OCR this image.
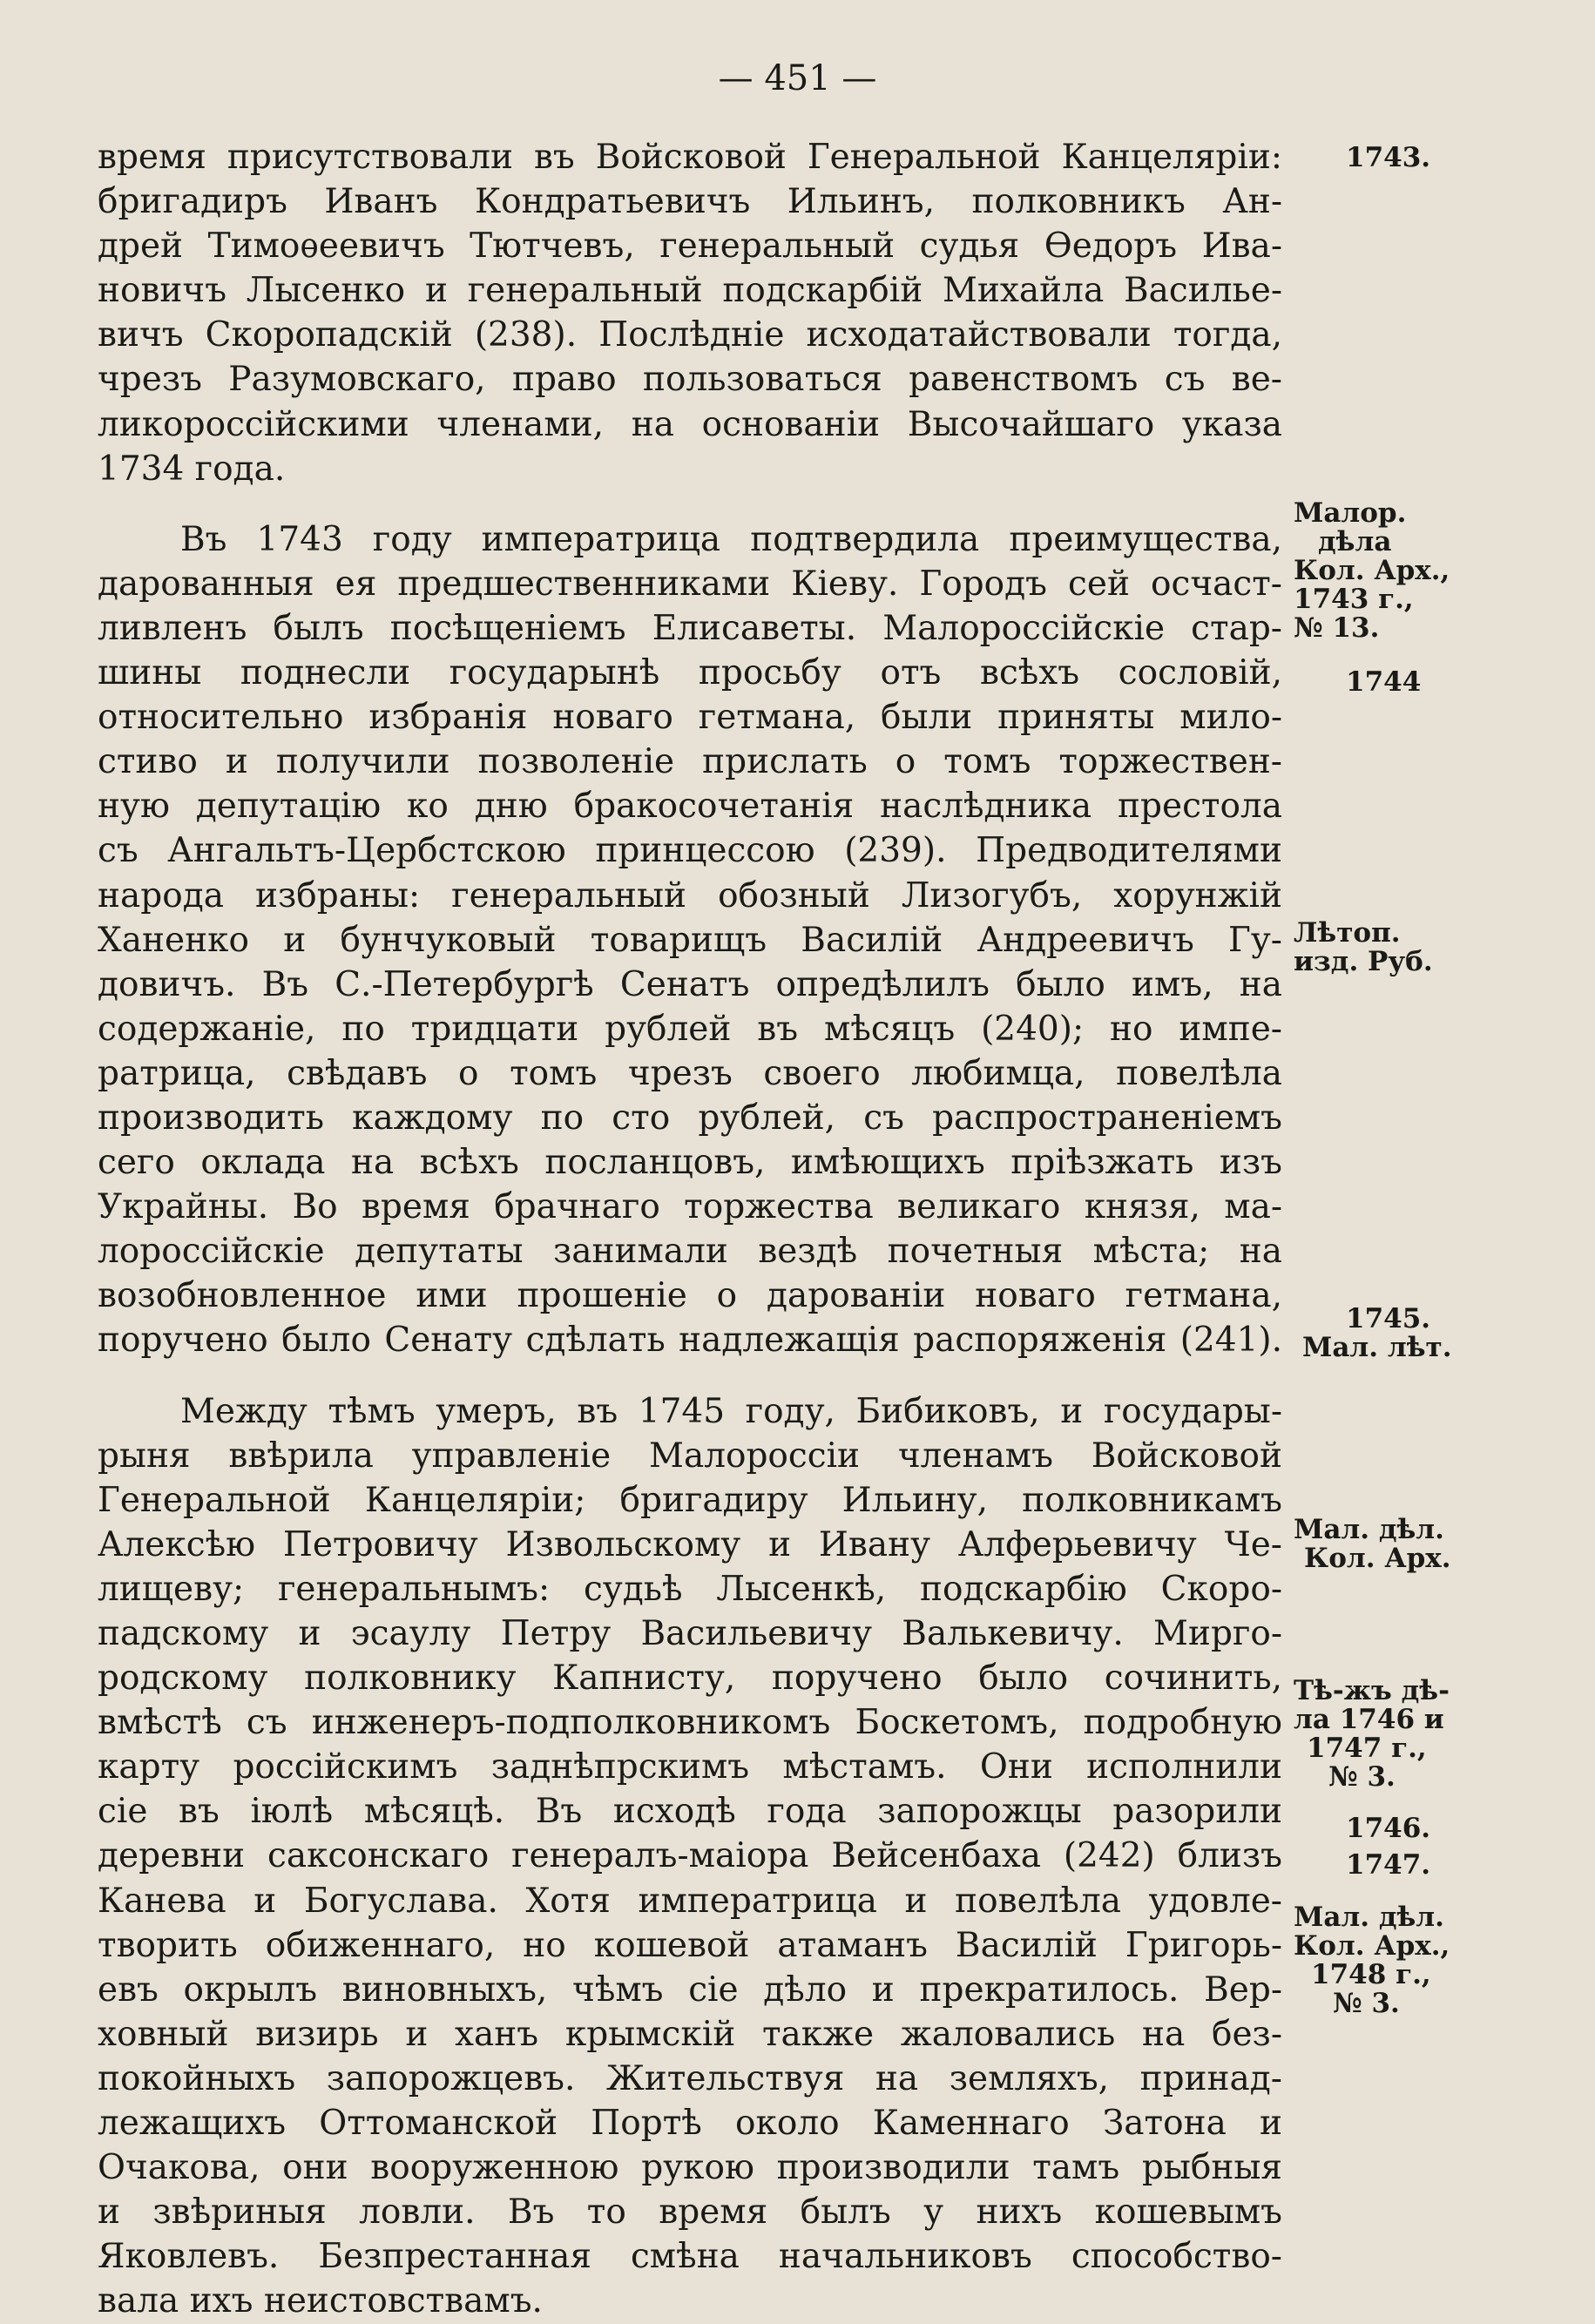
— 451 —

время присутствовали въ Войсковой Генеральной Канцеляріи:
бригадиръ Иванъ Кондратьевичъ Ильинъ, полковникъ Ан-
дрей Тимоѳеевичъ Тютчевъ, генеральный судья Ѳедоръ Ива-
новичъ Лысенко и генеральный подскарбій Михайла Василье-
вичъ Скоропадскій (238). Послѣдніе исходатайствовали тогда,
чрезъ Разумовскаго, право пользоваться равенствомъ съ ве-
ликороссійскими членами, на основаніи Высочайшаго указа
1734 года.

Въ 1743 году императрица подтвердила преимущества,
дарованныя ея предшественниками Кіеву. Городъ сей осчаст-
ливленъ былъ посѣщеніемъ Елисаветы. Малороссійскіе стар-
шины поднесли государынѣ просьбу отъ всѣхъ сословій,
относительно избранія новаго гетмана, были приняты мило-
стиво и получили позволеніе прислать о томъ торжествен-
ную депутацію ко дню бракосочетанія наслѣдника престола
съ Ангальтъ-Цербстскою принцессою (239). Предводителями
народа избраны: генеральный обозный Лизогубъ, хорунжій
Ханенко и бунчуковый товарищъ Василій Андреевичъ Гу-
довичъ. Въ С.-Петербургѣ Сенатъ опредѣлилъ было имъ, на
содержаніе, по тридцати рублей въ мѣсяцъ (240); но импе-
ратрица, свѣдавъ о томъ чрезъ своего любимца, повелѣла
производить каждому по сто рублей, съ распространеніемъ
сего оклада на всѣхъ посланцовъ, имѣющихъ пріѣзжать изъ
Украйны. Во время брачнаго торжества великаго князя, ма-
лороссійскіе депутаты занимали вездѣ почетныя мѣста; на
возобновленное ими прошеніе о дарованіи новаго гетмана,
поручено было Сенату сдѣлать надлежащія распоряженія (241).

Между тѣмъ умеръ, въ 1745 году, Бибиковъ, и государы-
рыня ввѣрила управленіе Малороссіи членамъ Войсковой
Генеральной Канцеляріи; бригадиру Ильину, полковникамъ
Алексѣю Петровичу Извольскому и Ивану Алферьевичу Че-
лищеву; генеральнымъ: судьѣ Лысенкѣ, подскарбію Скоро-
падскому и эсаулу Петру Васильевичу Валькевичу. Мирго-
родскому полковнику Капнисту, поручено было сочинить,
вмѣстѣ съ инженеръ-подполковникомъ Боскетомъ, подробную
карту россійскимъ заднѣпрскимъ мѣстамъ. Они исполнили
сіе въ іюлѣ мѣсяцѣ. Въ исходѣ года запорожцы разорили
деревни саксонскаго генералъ-маіора Вейсенбаха (242) близъ
Канева и Богуслава. Хотя императрица и повелѣла удовле-
творить обиженнаго, но кошевой атаманъ Василій Григорь-
евъ окрылъ виновныхъ, чѣмъ сіе дѣло и прекратилось. Вер-
ховный визирь и ханъ крымскій также жаловались на без-
покойныхъ запорожцевъ. Жительствуя на земляхъ, принад-
лежащихъ Оттоманской Портѣ около Каменнаго Затона и
Очакова, они вооруженною рукою производили тамъ рыбныя
и звѣриныя ловли. Въ то время былъ у нихъ кошевымъ
Яковлевъ. Безпрестанная смѣна начальниковъ способство-
вала ихъ неистовствамъ.

1743.
Малор.
дѣла
Кол. Арх.,
1743 г.,
№ 13.
1744
Лѣтоп.
изд. Руб.
1745.
Мал. лѣт.
Мал. дѣл.
Кол. Арх.
Тѣ-жъ дѣ-
ла 1746 и
1747 г.,
№ 3.
1746.
1747.
Мал. дѣл.
Кол. Арх.,
1748 г.,
№ 3.
